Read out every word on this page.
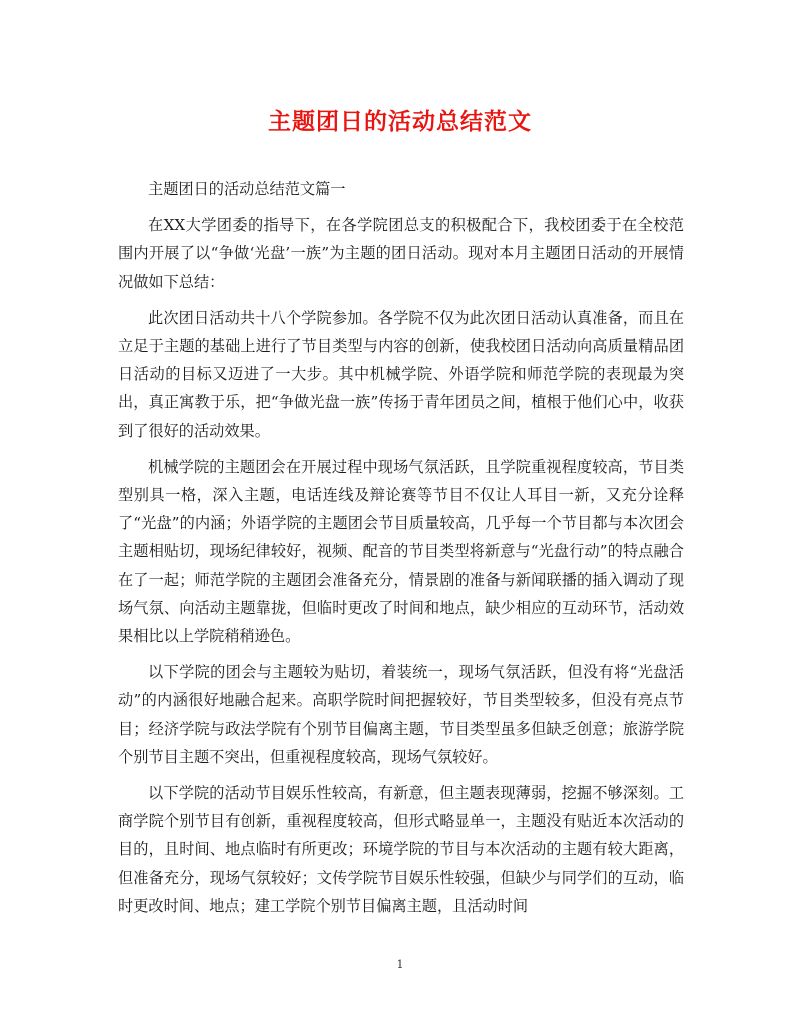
主题团日的活动总结范文

主题团日的活动总结范文篇一

在XX大学团委的指导下，在各学院团总支的积极配合下，我校团委于在全校范围内开展了以“争做‘光盘’一族”为主题的团日活动。现对本月主题团日活动的开展情况做如下总结：

此次团日活动共十八个学院参加。各学院不仅为此次团日活动认真准备，而且在立足于主题的基础上进行了节目类型与内容的创新，使我校团日活动向高质量精品团日活动的目标又迈进了一大步。其中机械学院、外语学院和师范学院的表现最为突出，真正寓教于乐，把“争做光盘一族”传扬于青年团员之间，植根于他们心中，收获到了很好的活动效果。

机械学院的主题团会在开展过程中现场气氛活跃，且学院重视程度较高，节目类型别具一格，深入主题，电话连线及辩论赛等节目不仅让人耳目一新，又充分诠释了“光盘”的内涵；外语学院的主题团会节目质量较高，几乎每一个节目都与本次团会主题相贴切，现场纪律较好，视频、配音的节目类型将新意与“光盘行动”的特点融合在了一起；师范学院的主题团会准备充分，情景剧的准备与新闻联播的插入调动了现场气氛、向活动主题靠拢，但临时更改了时间和地点，缺少相应的互动环节，活动效果相比以上学院稍稍逊色。

以下学院的团会与主题较为贴切，着装统一，现场气氛活跃，但没有将“光盘活动”的内涵很好地融合起来。高职学院时间把握较好，节目类型较多，但没有亮点节目；经济学院与政法学院有个别节目偏离主题，节目类型虽多但缺乏创意；旅游学院个别节目主题不突出，但重视程度较高，现场气氛较好。

以下学院的活动节目娱乐性较高，有新意，但主题表现薄弱，挖掘不够深刻。工商学院个别节目有创新，重视程度较高，但形式略显单一，主题没有贴近本次活动的目的，且时间、地点临时有所更改；环境学院的节目与本次活动的主题有较大距离，但准备充分，现场气氛较好；文传学院节目娱乐性较强，但缺少与同学们的互动，临时更改时间、地点；建工学院个别节目偏离主题，且活动时间

1
